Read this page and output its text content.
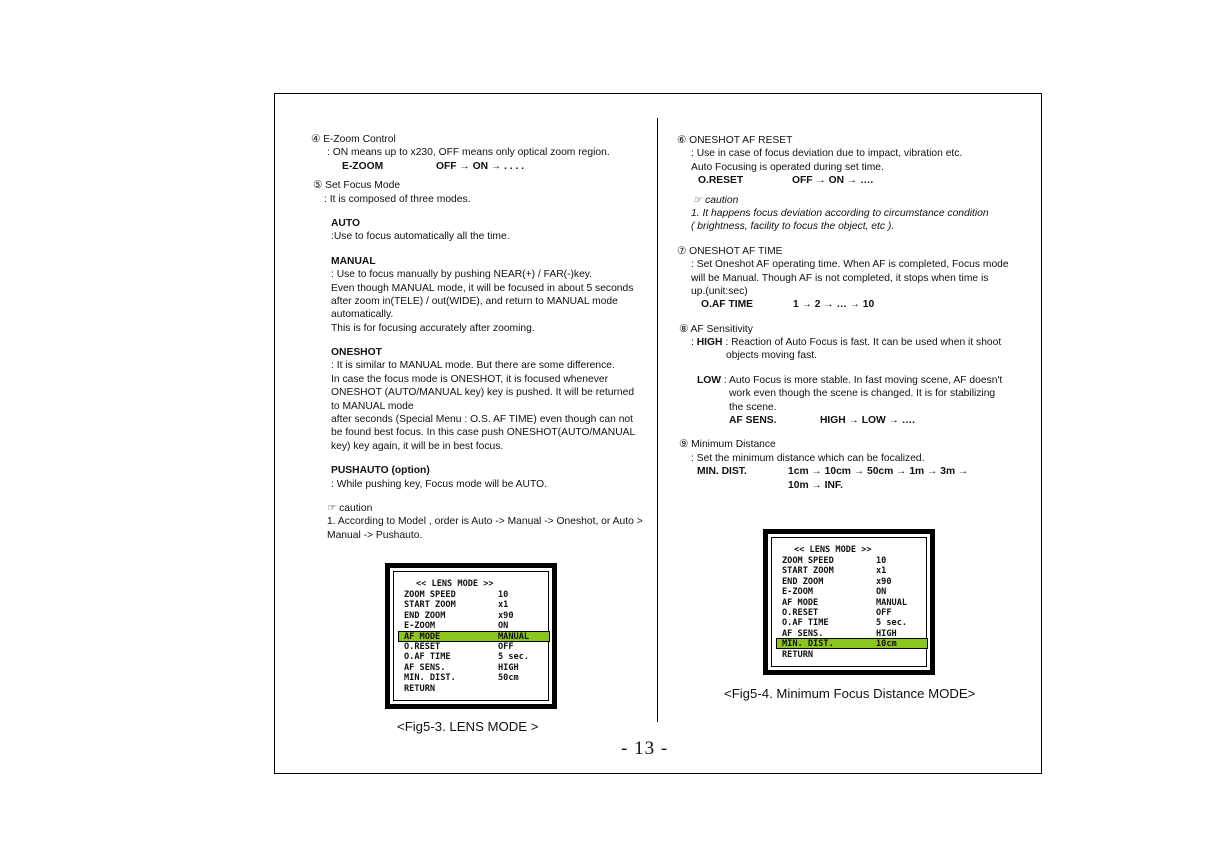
④ E-Zoom Control
: ON means up to x230, OFF means only optical zoom region.
E-ZOOM	OFF → ON → . . . .
⑤ Set Focus Mode
: It is composed of three modes.
AUTO
:Use to focus automatically all the time.
MANUAL
: Use to focus manually by pushing NEAR(+) / FAR(-)key.
Even though MANUAL mode, it will be focused in about 5 seconds
after zoom in(TELE) / out(WIDE), and return to MANUAL mode
automatically.
This is for focusing accurately after zooming.
ONESHOT
: It is similar to MANUAL mode. But there are some difference.
In case the focus mode is ONESHOT, it is focused whenever
ONESHOT (AUTO/MANUAL key) key is pushed. It will be returned
to MANUAL mode
after seconds (Special Menu : O.S. AF TIME) even though can not
be found best focus. In this case push ONESHOT(AUTO/MANUAL
key) key again, it will be in best focus.
PUSHAUTO (option)
: While pushing key, Focus mode will be AUTO.
☞ caution
1. According to Model , order is Auto -> Manual -> Oneshot, or Auto >
Manual -> Pushauto.
<< LENS MODE >>
ZOOM SPEED	10
START ZOOM	x1
END ZOOM	x90
E-ZOOM	ON
AF MODE	MANUAL
O.RESET	OFF
O.AF TIME	5 sec.
AF SENS.	HIGH
MIN. DIST.	50cm
RETURN
<Fig5-3. LENS MODE >
⑥ ONESHOT AF RESET
: Use in case of focus deviation due to impact, vibration etc.
Auto Focusing is operated during set time.
O.RESET	OFF → ON → ….
☞ caution
1. It happens focus deviation according to circumstance condition
( brightness, facility to focus the object, etc ).
⑦ ONESHOT AF TIME
: Set Oneshot AF operating time. When AF is completed, Focus mode
will be Manual. Though AF is not completed, it stops when time is
up.(unit:sec)
O.AF TIME	1 → 2 → … → 10
⑧ AF Sensitivity
: HIGH : Reaction of Auto Focus is fast. It can be used when it shoot
objects moving fast.
LOW : Auto Focus is more stable. In fast moving scene, AF doesn't
work even though the scene is changed. It is for stabilizing
the scene.
AF SENS.	HIGH → LOW → ….
⑨ Minimum Distance
: Set the minimum distance which can be focalized.
MIN. DIST.	1cm → 10cm → 50cm → 1m → 3m →
10m → INF.
<< LENS MODE >>
ZOOM SPEED	10
START ZOOM	x1
END ZOOM	x90
E-ZOOM	ON
AF MODE	MANUAL
O.RESET	OFF
O.AF TIME	5 sec.
AF SENS.	HIGH
MIN. DIST.	10cm
RETURN
<Fig5-4. Minimum Focus Distance MODE>
- 13 -
